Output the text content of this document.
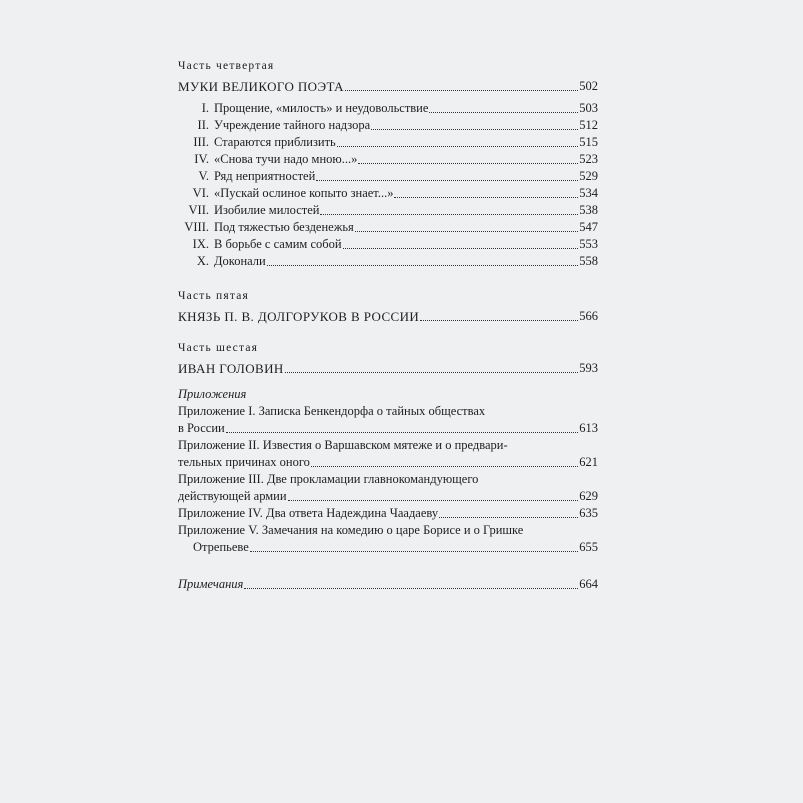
Часть четвертая
МУКИ ВЕЛИКОГО ПОЭТА	502
I. Прощение, «милость» и неудовольствие	503
II. Учреждение тайного надзора	512
III. Стараются приблизить	515
IV. «Снова тучи надо мною...»	523
V. Ряд неприятностей	529
VI. «Пускай ослиное копыто знает...»	534
VII. Изобилие милостей	538
VIII. Под тяжестью безденежья	547
IX. В борьбе с самим собой	553
X. Доконали	558
Часть пятая
КНЯЗЬ П. В. ДОЛГОРУКОВ В РОССИИ	566
Часть шестая
ИВАН ГОЛОВИН	593
Приложения
Приложение I. Записка Бенкендорфа о тайных обществах
в России	613
Приложение II. Известия о Варшавском мятеже и о предвари-
тельных причинах оного	621
Приложение III. Две прокламации главнокомандующего
действующей армии	629
Приложение IV. Два ответа Надеждина Чаадаеву	635
Приложение V. Замечания на комедию о царе Борисе и о Гришке
Отрепьеве	655
Примечания	664
